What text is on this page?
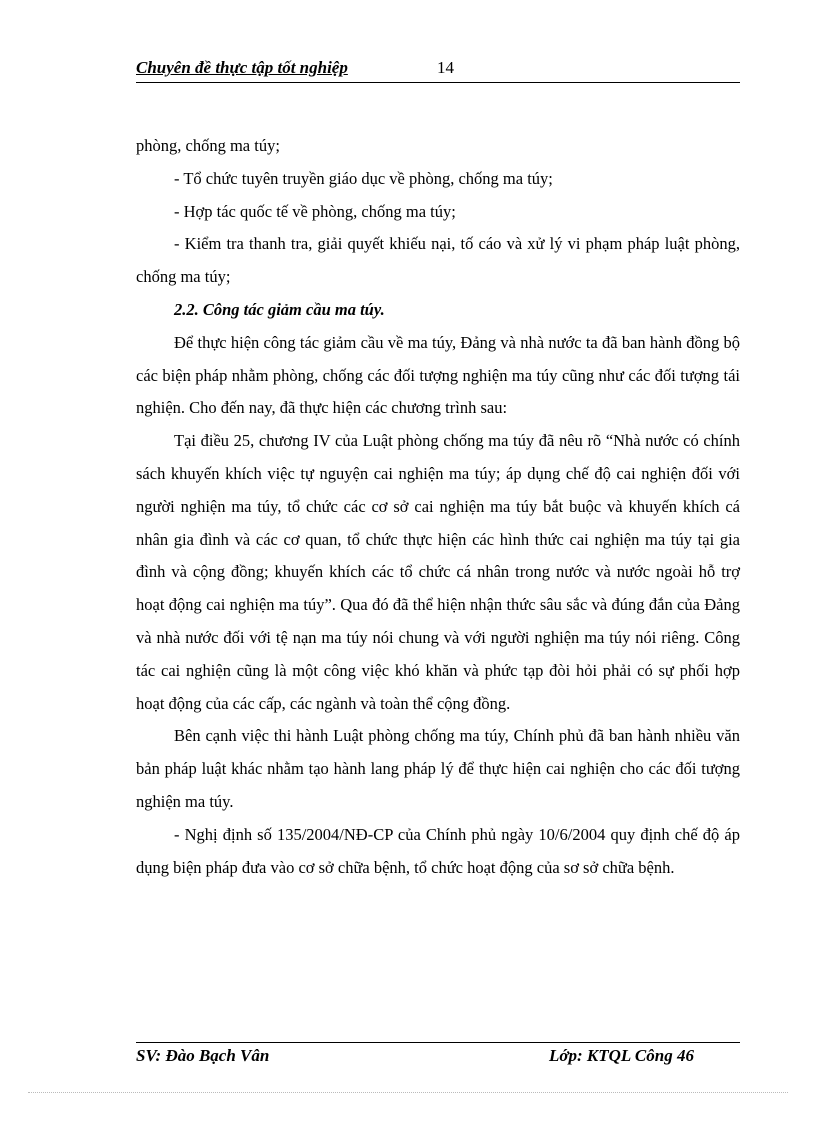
Chuyên đề thực tập tốt nghiệp	14

phòng, chống ma túy;

- Tổ chức tuyên truyền giáo dục về phòng, chống ma túy;

- Hợp tác quốc tế về phòng, chống ma túy;

- Kiểm tra thanh tra, giải quyết khiếu nại, tố cáo và xử lý vi phạm pháp luật phòng, chống ma túy;

2.2. Công tác giảm cầu ma túy.

Để thực hiện công tác giảm cầu về ma túy, Đảng và nhà nước ta đã ban hành đồng bộ các biện pháp nhằm phòng, chống các đối tượng nghiện ma túy cũng như các đối tượng tái nghiện. Cho đến nay, đã thực hiện các chương trình sau:

Tại điều 25, chương IV của Luật phòng chống ma túy đã nêu rõ “Nhà nước có chính sách khuyến khích việc tự nguyện cai nghiện ma túy; áp dụng chế độ cai nghiện đối với người nghiện ma túy, tổ chức các cơ sở cai nghiện ma túy bắt buộc và khuyến khích cá nhân gia đình và các cơ quan, tổ chức thực hiện các hình thức cai nghiện ma túy tại gia đình và cộng đồng; khuyến khích các tổ chức cá nhân trong nước và nước ngoài hỗ trợ hoạt động cai nghiện ma túy”. Qua đó đã thể hiện nhận thức sâu sắc và đúng đắn của Đảng và nhà nước đối với tệ nạn ma túy nói chung và với người nghiện ma túy nói riêng. Công tác cai nghiện cũng là một công việc khó khăn và phức tạp đòi hỏi phải có sự phối hợp hoạt động của các cấp, các ngành và toàn thể cộng đồng.

Bên cạnh việc thi hành Luật phòng chống ma túy, Chính phủ đã ban hành nhiều văn bản pháp luật khác nhằm tạo hành lang pháp lý để thực hiện cai nghiện cho các đối tượng nghiện ma túy.

- Nghị định số 135/2004/NĐ-CP của Chính phủ ngày 10/6/2004 quy định chế độ áp dụng biện pháp đưa vào cơ sở chữa bệnh, tổ chức hoạt động của sơ sở chữa bệnh.

SV: Đào Bạch Vân	Lớp: KTQL Công 46
